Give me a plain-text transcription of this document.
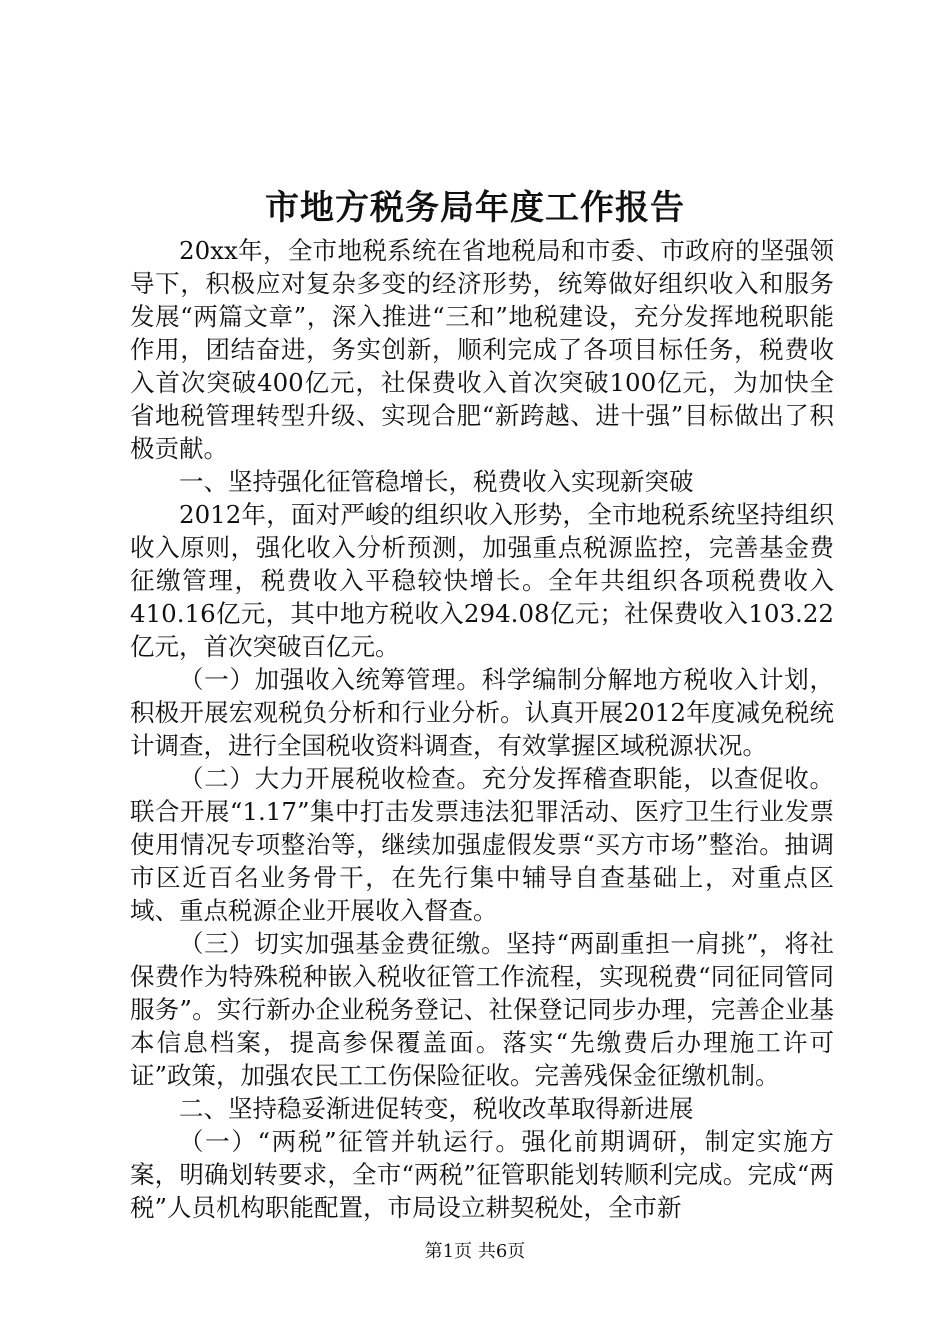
市地方税务局年度工作报告

20xx年，全市地税系统在省地税局和市委、市政府的坚强领导下，积极应对复杂多变的经济形势，统筹做好组织收入和服务发展“两篇文章”，深入推进“三和”地税建设，充分发挥地税职能作用，团结奋进，务实创新，顺利完成了各项目标任务，税费收入首次突破400亿元，社保费收入首次突破100亿元，为加快全省地税管理转型升级、实现合肥“新跨越、进十强”目标做出了积极贡献。

一、坚持强化征管稳增长，税费收入实现新突破

2012年，面对严峻的组织收入形势，全市地税系统坚持组织收入原则，强化收入分析预测，加强重点税源监控，完善基金费征缴管理，税费收入平稳较快增长。全年共组织各项税费收入410.16亿元，其中地方税收入294.08亿元；社保费收入103.22亿元，首次突破百亿元。

（一）加强收入统筹管理。科学编制分解地方税收入计划，积极开展宏观税负分析和行业分析。认真开展2012年度减免税统计调查，进行全国税收资料调查，有效掌握区域税源状况。

（二）大力开展税收检查。充分发挥稽查职能，以查促收。联合开展“1.17”集中打击发票违法犯罪活动、医疗卫生行业发票使用情况专项整治等，继续加强虚假发票“买方市场”整治。抽调市区近百名业务骨干，在先行集中辅导自查基础上，对重点区域、重点税源企业开展收入督查。

（三）切实加强基金费征缴。坚持“两副重担一肩挑”，将社保费作为特殊税种嵌入税收征管工作流程，实现税费“同征同管同服务”。实行新办企业税务登记、社保登记同步办理，完善企业基本信息档案，提高参保覆盖面。落实“先缴费后办理施工许可证”政策，加强农民工工伤保险征收。完善残保金征缴机制。

二、坚持稳妥渐进促转变，税收改革取得新进展

（一）“两税”征管并轨运行。强化前期调研，制定实施方案，明确划转要求，全市“两税”征管职能划转顺利完成。完成“两税”人员机构职能配置，市局设立耕契税处，全市新

第1页 共6页
